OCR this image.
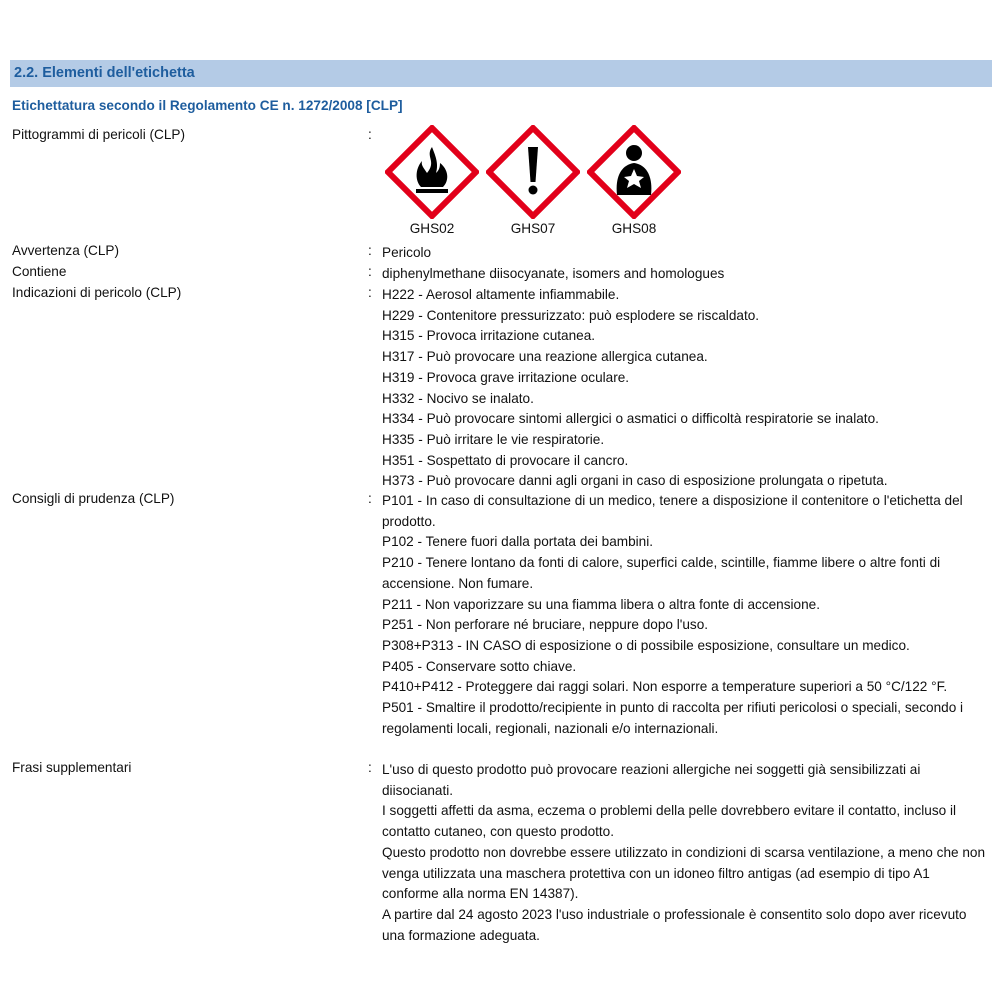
2.2. Elementi dell'etichetta
Etichettatura secondo il Regolamento CE n. 1272/2008 [CLP]
Pittogrammi di pericoli (CLP)	:
GHS02	GHS07	GHS08
Avvertenza (CLP)	: Pericolo
Contiene	: diphenylmethane diisocyanate, isomers and homologues
Indicazioni di pericolo (CLP)	: H222 - Aerosol altamente infiammabile.
H229 - Contenitore pressurizzato: può esplodere se riscaldato.
H315 - Provoca irritazione cutanea.
H317 - Può provocare una reazione allergica cutanea.
H319 - Provoca grave irritazione oculare.
H332 - Nocivo se inalato.
H334 - Può provocare sintomi allergici o asmatici o difficoltà respiratorie se inalato.
H335 - Può irritare le vie respiratorie.
H351 - Sospettato di provocare il cancro.
H373 - Può provocare danni agli organi in caso di esposizione prolungata o ripetuta.
Consigli di prudenza (CLP)	: P101 - In caso di consultazione di un medico, tenere a disposizione il contenitore o l'etichetta del prodotto.
P102 - Tenere fuori dalla portata dei bambini.
P210 - Tenere lontano da fonti di calore, superfici calde, scintille, fiamme libere o altre fonti di accensione. Non fumare.
P211 - Non vaporizzare su una fiamma libera o altra fonte di accensione.
P251 - Non perforare né bruciare, neppure dopo l'uso.
P308+P313 - IN CASO di esposizione o di possibile esposizione, consultare un medico.
P405 - Conservare sotto chiave.
P410+P412 - Proteggere dai raggi solari. Non esporre a temperature superiori a 50 °C/122 °F.
P501 - Smaltire il prodotto/recipiente in punto di raccolta per rifiuti pericolosi o speciali, secondo i regolamenti locali, regionali, nazionali e/o internazionali.
Frasi supplementari	: L'uso di questo prodotto può provocare reazioni allergiche nei soggetti già sensibilizzati ai diisocianati.
I soggetti affetti da asma, eczema o problemi della pelle dovrebbero evitare il contatto, incluso il contatto cutaneo, con questo prodotto.
Questo prodotto non dovrebbe essere utilizzato in condizioni di scarsa ventilazione, a meno che non venga utilizzata una maschera protettiva con un idoneo filtro antigas (ad esempio di tipo A1 conforme alla norma EN 14387).
A partire dal 24 agosto 2023 l'uso industriale o professionale è consentito solo dopo aver ricevuto una formazione adeguata.
